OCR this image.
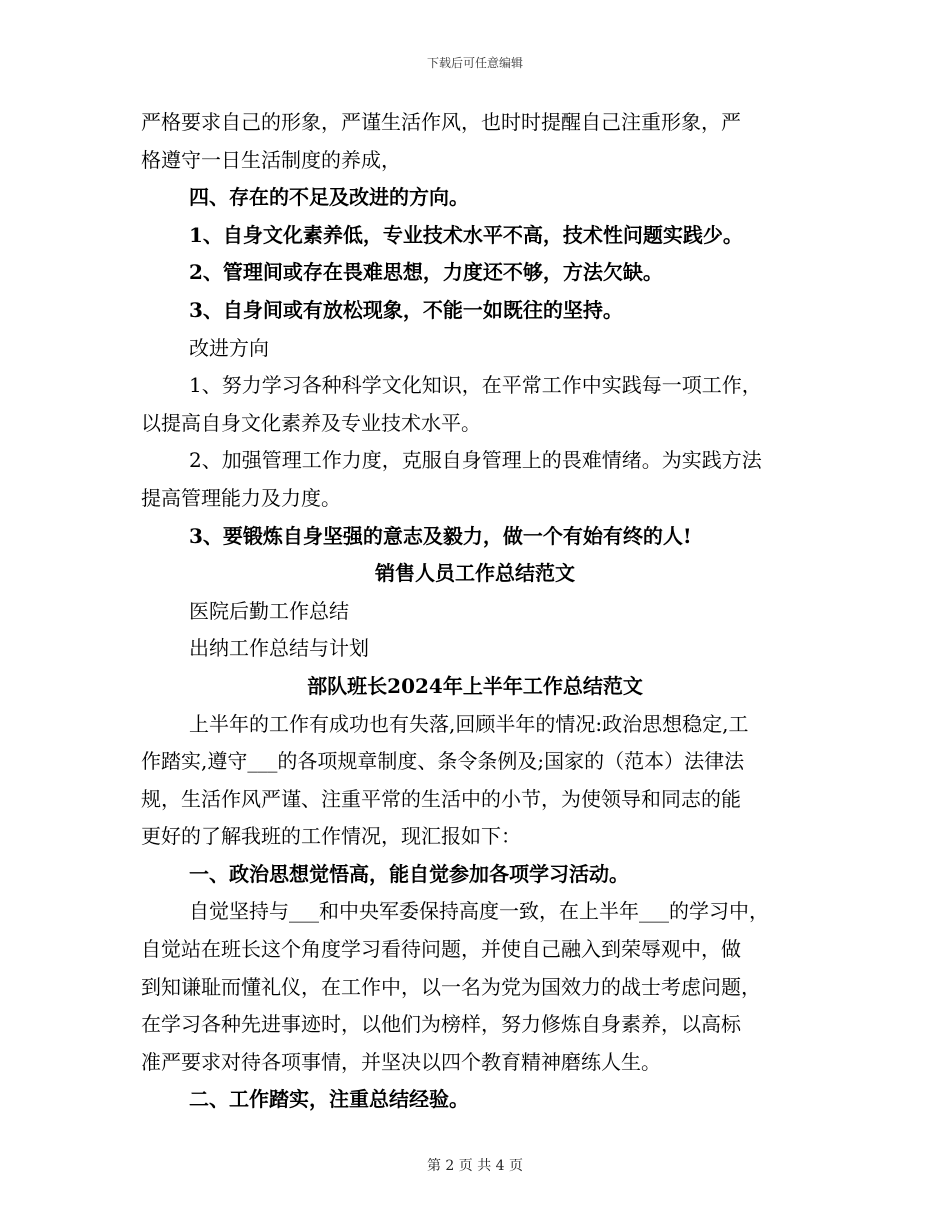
下载后可任意编辑

严格要求自己的形象，严谨生活作风，也时时提醒自己注重形象，严

格遵守一日生活制度的养成，

四、存在的不足及改进的方向。

1、自身文化素养低，专业技术水平不高，技术性问题实践少。

2、管理间或存在畏难思想，力度还不够，方法欠缺。

3、自身间或有放松现象，不能一如既往的坚持。

改进方向

1、努力学习各种科学文化知识，在平常工作中实践每一项工作，

以提高自身文化素养及专业技术水平。

2、加强管理工作力度，克服自身管理上的畏难情绪。为实践方法

提高管理能力及力度。

3、要锻炼自身坚强的意志及毅力，做一个有始有终的人!

销售人员工作总结范文

医院后勤工作总结

出纳工作总结与计划

部队班长2024年上半年工作总结范文

上半年的工作有成功也有失落,回顾半年的情况:政治思想稳定,工

作踏实,遵守___的各项规章制度、条令条例及;国家的（范本）法律法

规，生活作风严谨、注重平常的生活中的小节，为使领导和同志的能

更好的了解我班的工作情况，现汇报如下：

一、政治思想觉悟高，能自觉参加各项学习活动。

自觉坚持与___和中央军委保持高度一致，在上半年___的学习中，

自觉站在班长这个角度学习看待问题，并使自己融入到荣辱观中，做

到知谦耻而懂礼仪，在工作中，以一名为党为国效力的战士考虑问题，

在学习各种先进事迹时，以他们为榜样，努力修炼自身素养，以高标

准严要求对待各项事情，并坚决以四个教育精神磨练人生。

二、工作踏实，注重总结经验。

第 2 页 共 4 页
